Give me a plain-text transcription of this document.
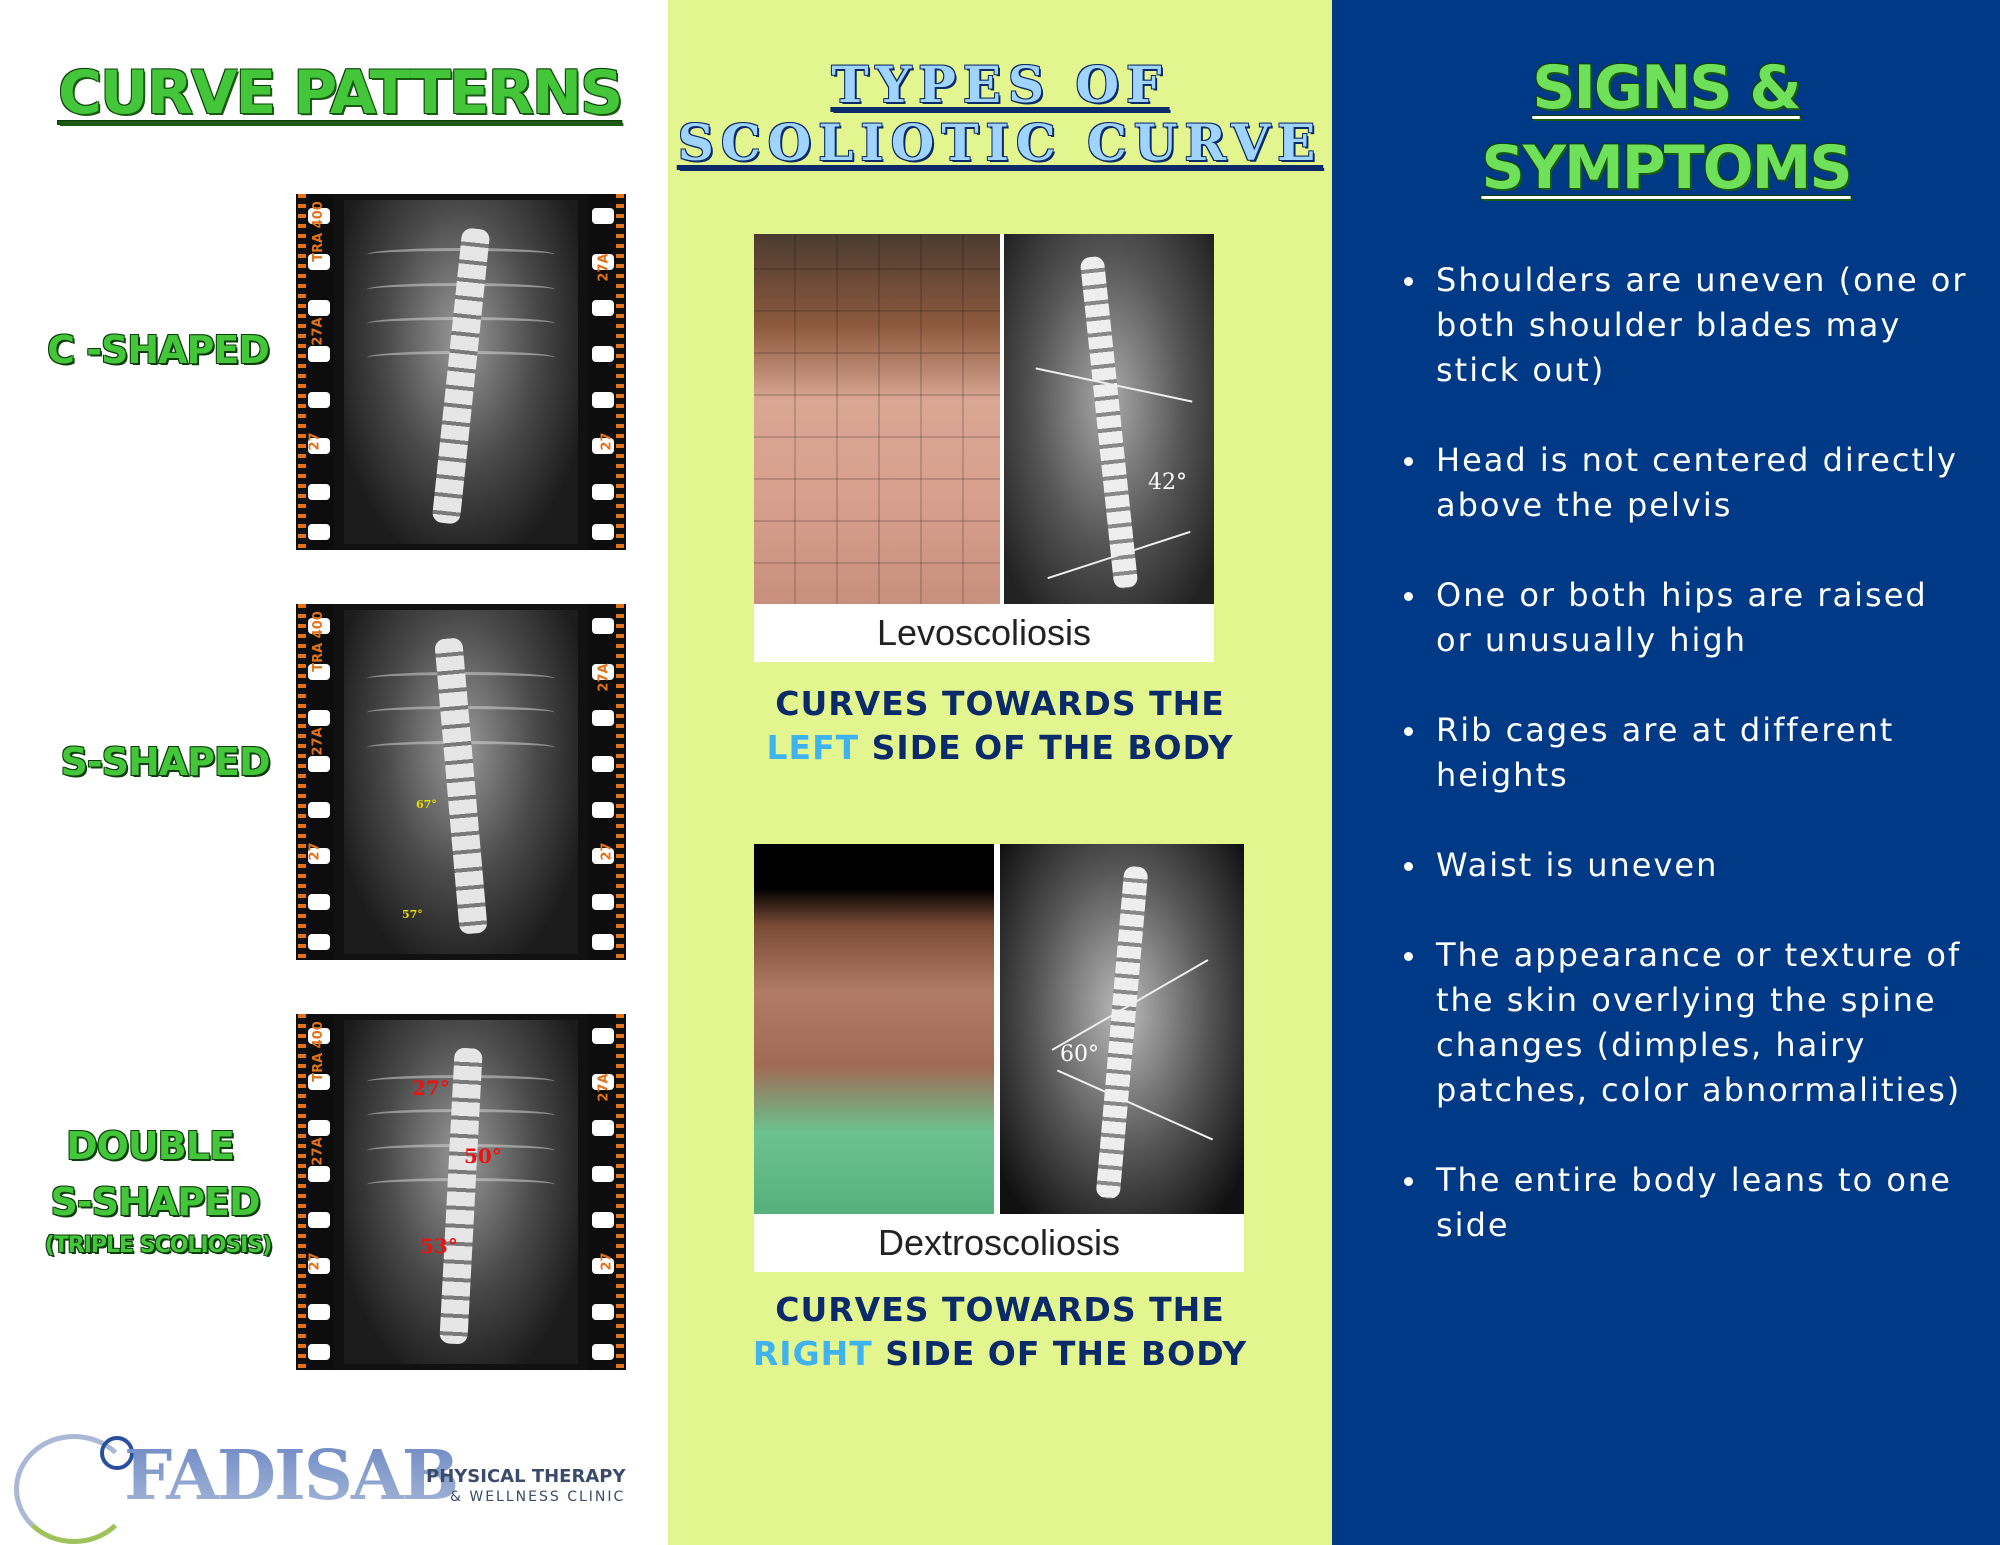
CURVE PATTERNS
C -SHAPED
S-SHAPED
DOUBLE
S-SHAPED
(TRIPLE SCOLIOSIS)
TRA 400
27A
27
27A
27
67°
57°
TRA 400
27A
27
27A
27
27°
50°
53°
TRA 400
27A
27
27A
27
FADISAB
PHYSICAL THERAPY
& WELLNESS CLINIC
TYPES OF
SCOLIOTIC CURVE
42°
Levoscoliosis
CURVES TOWARDS THE
LEFT SIDE OF THE BODY
60°
Dextroscoliosis
CURVES TOWARDS THE
RIGHT SIDE OF THE BODY
SIGNS &
SYMPTOMS
Shoulders are uneven (one or both shoulder blades may stick out)
Head is not centered directly above the pelvis
One or both hips are raised or unusually high
Rib cages are at different heights
Waist is uneven
The appearance or texture of the skin overlying the spine changes (dimples, hairy patches, color abnormalities)
The entire body leans to one side
